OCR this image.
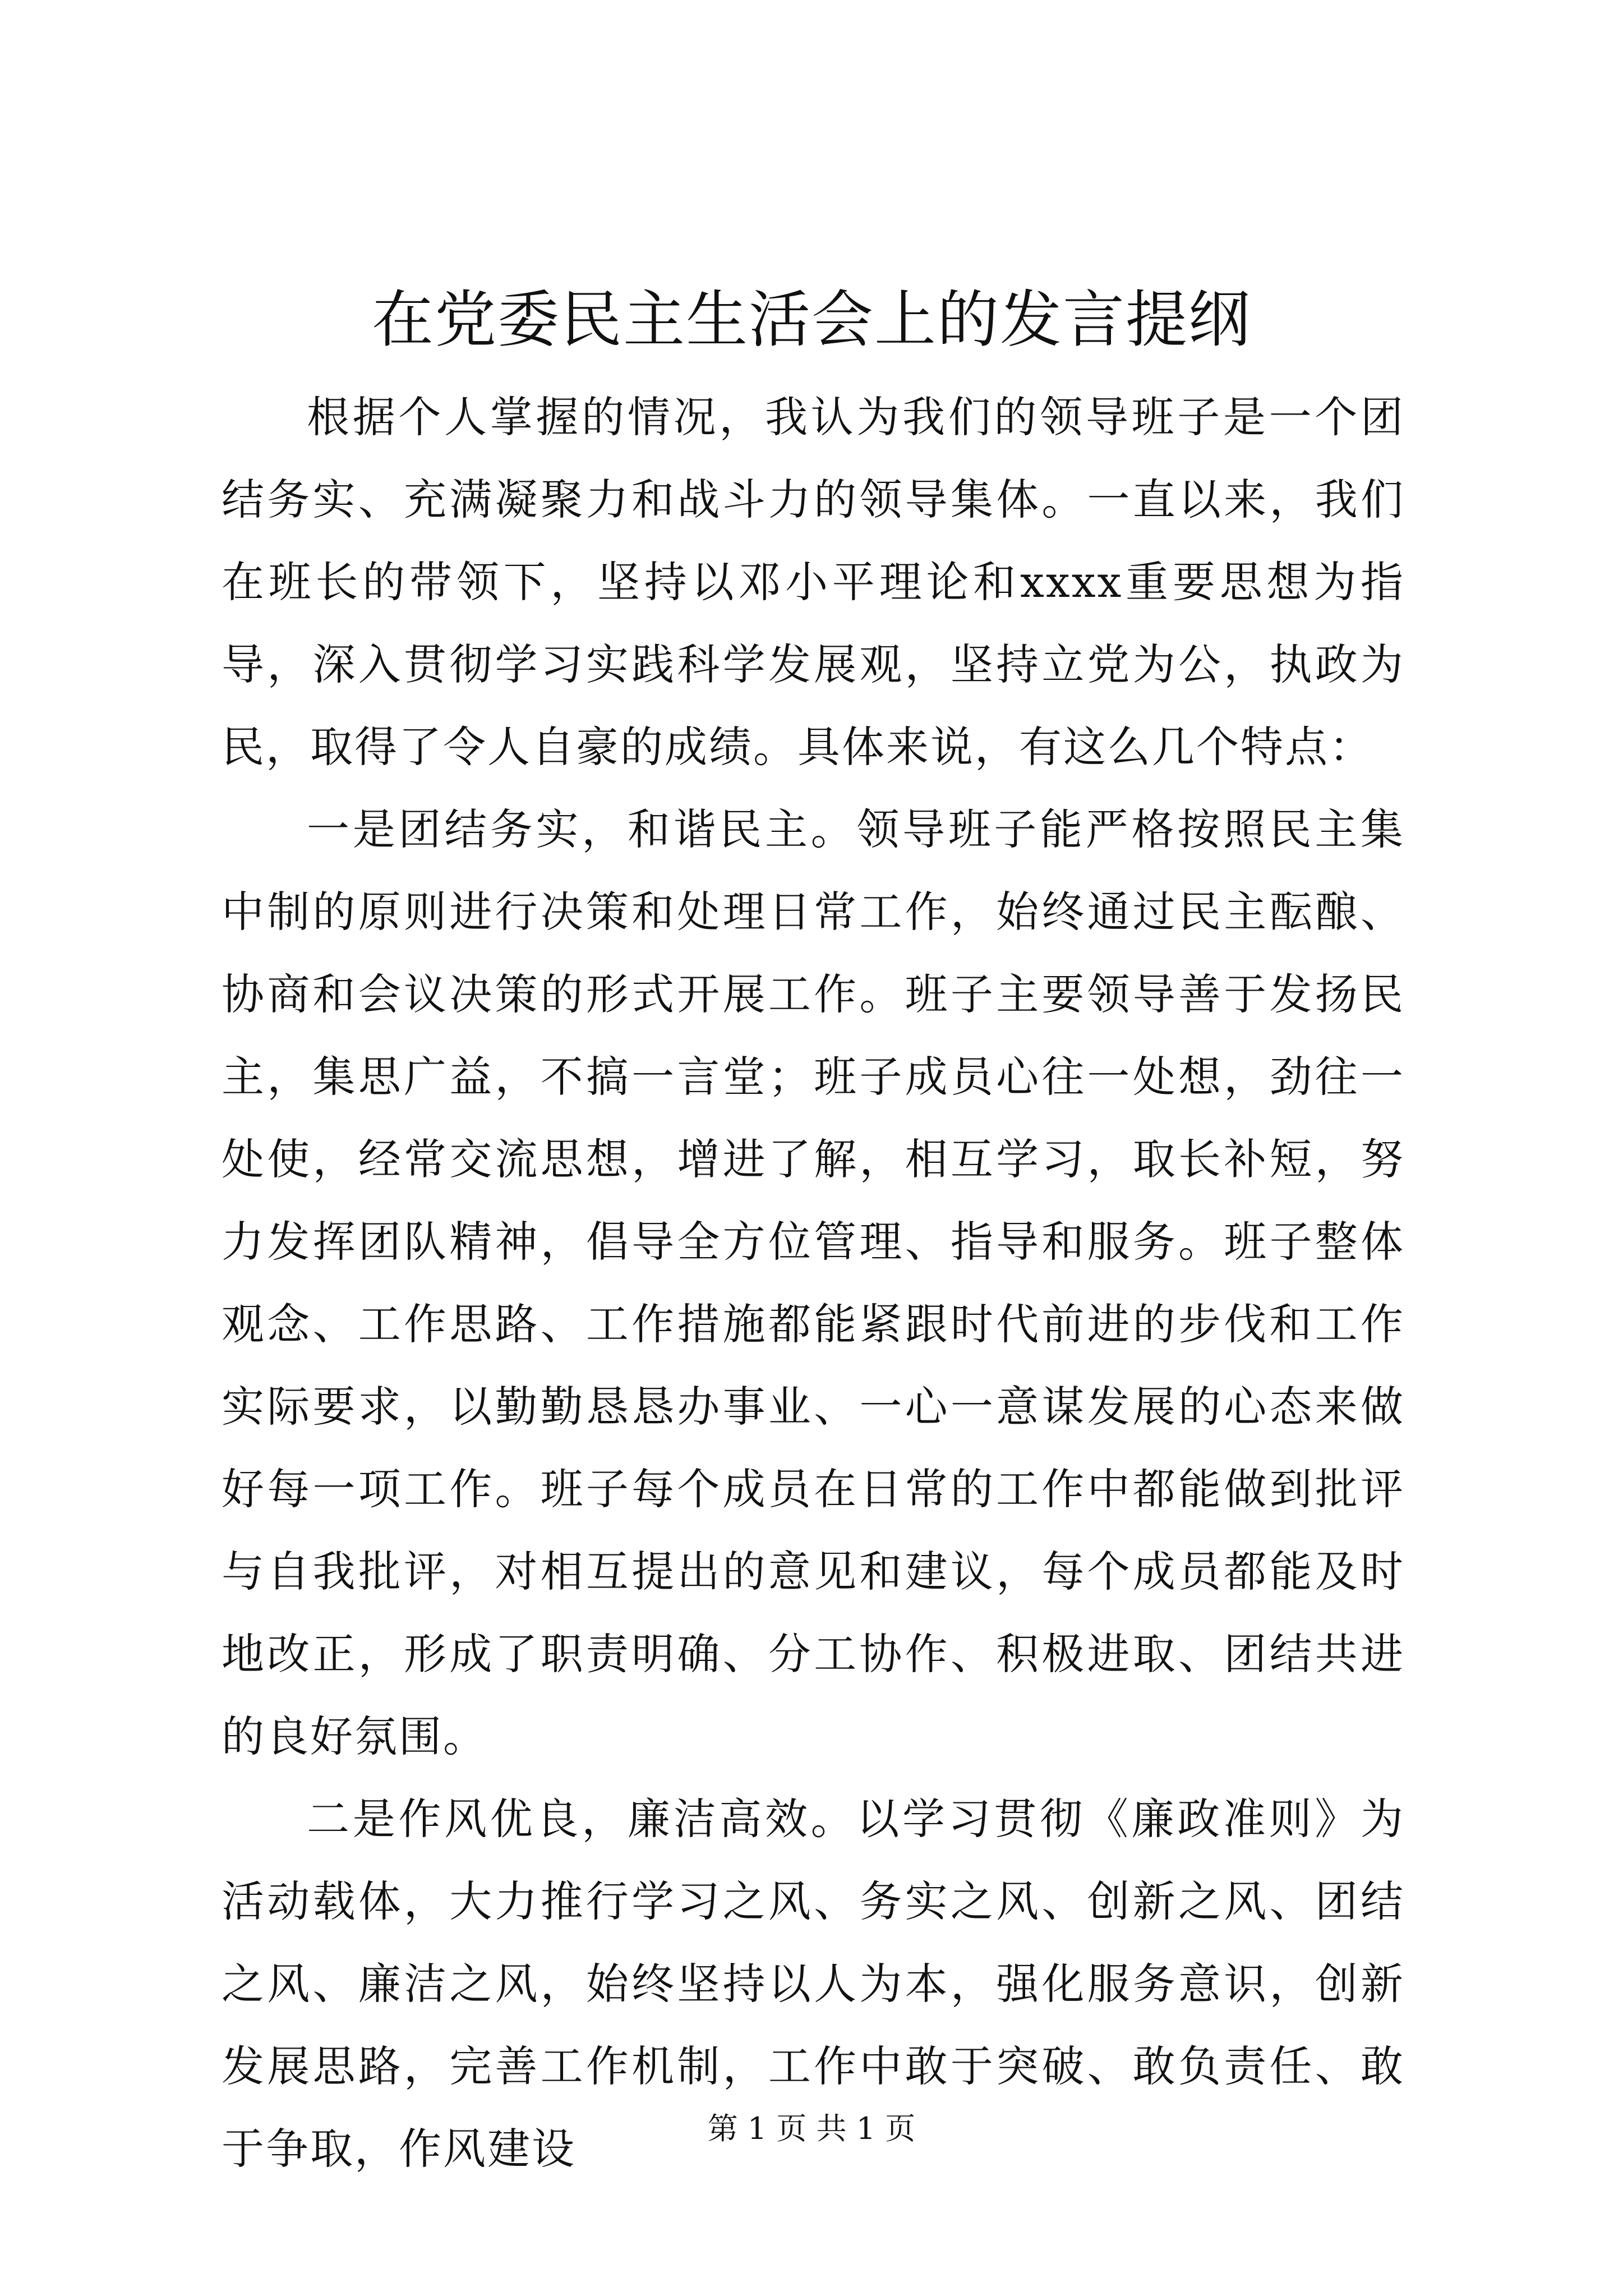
在党委民主生活会上的发言提纲

根据个人掌握的情况，我认为我们的领导班子是一个团结务实、充满凝聚力和战斗力的领导集体。一直以来，我们在班长的带领下，坚持以邓小平理论和xxxx重要思想为指导，深入贯彻学习实践科学发展观，坚持立党为公，执政为民，取得了令人自豪的成绩。具体来说，有这么几个特点：

一是团结务实，和谐民主。领导班子能严格按照民主集中制的原则进行决策和处理日常工作，始终通过民主酝酿、协商和会议决策的形式开展工作。班子主要领导善于发扬民主，集思广益，不搞一言堂；班子成员心往一处想，劲往一处使，经常交流思想，增进了解，相互学习，取长补短，努力发挥团队精神，倡导全方位管理、指导和服务。班子整体观念、工作思路、工作措施都能紧跟时代前进的步伐和工作实际要求，以勤勤恳恳办事业、一心一意谋发展的心态来做好每一项工作。班子每个成员在日常的工作中都能做到批评与自我批评，对相互提出的意见和建议，每个成员都能及时地改正，形成了职责明确、分工协作、积极进取、团结共进的良好氛围。

二是作风优良，廉洁高效。以学习贯彻《廉政准则》为活动载体，大力推行学习之风、务实之风、创新之风、团结之风、廉洁之风，始终坚持以人为本，强化服务意识，创新发展思路，完善工作机制，工作中敢于突破、敢负责任、敢于争取，作风建设	第 1 页 共 1 页
